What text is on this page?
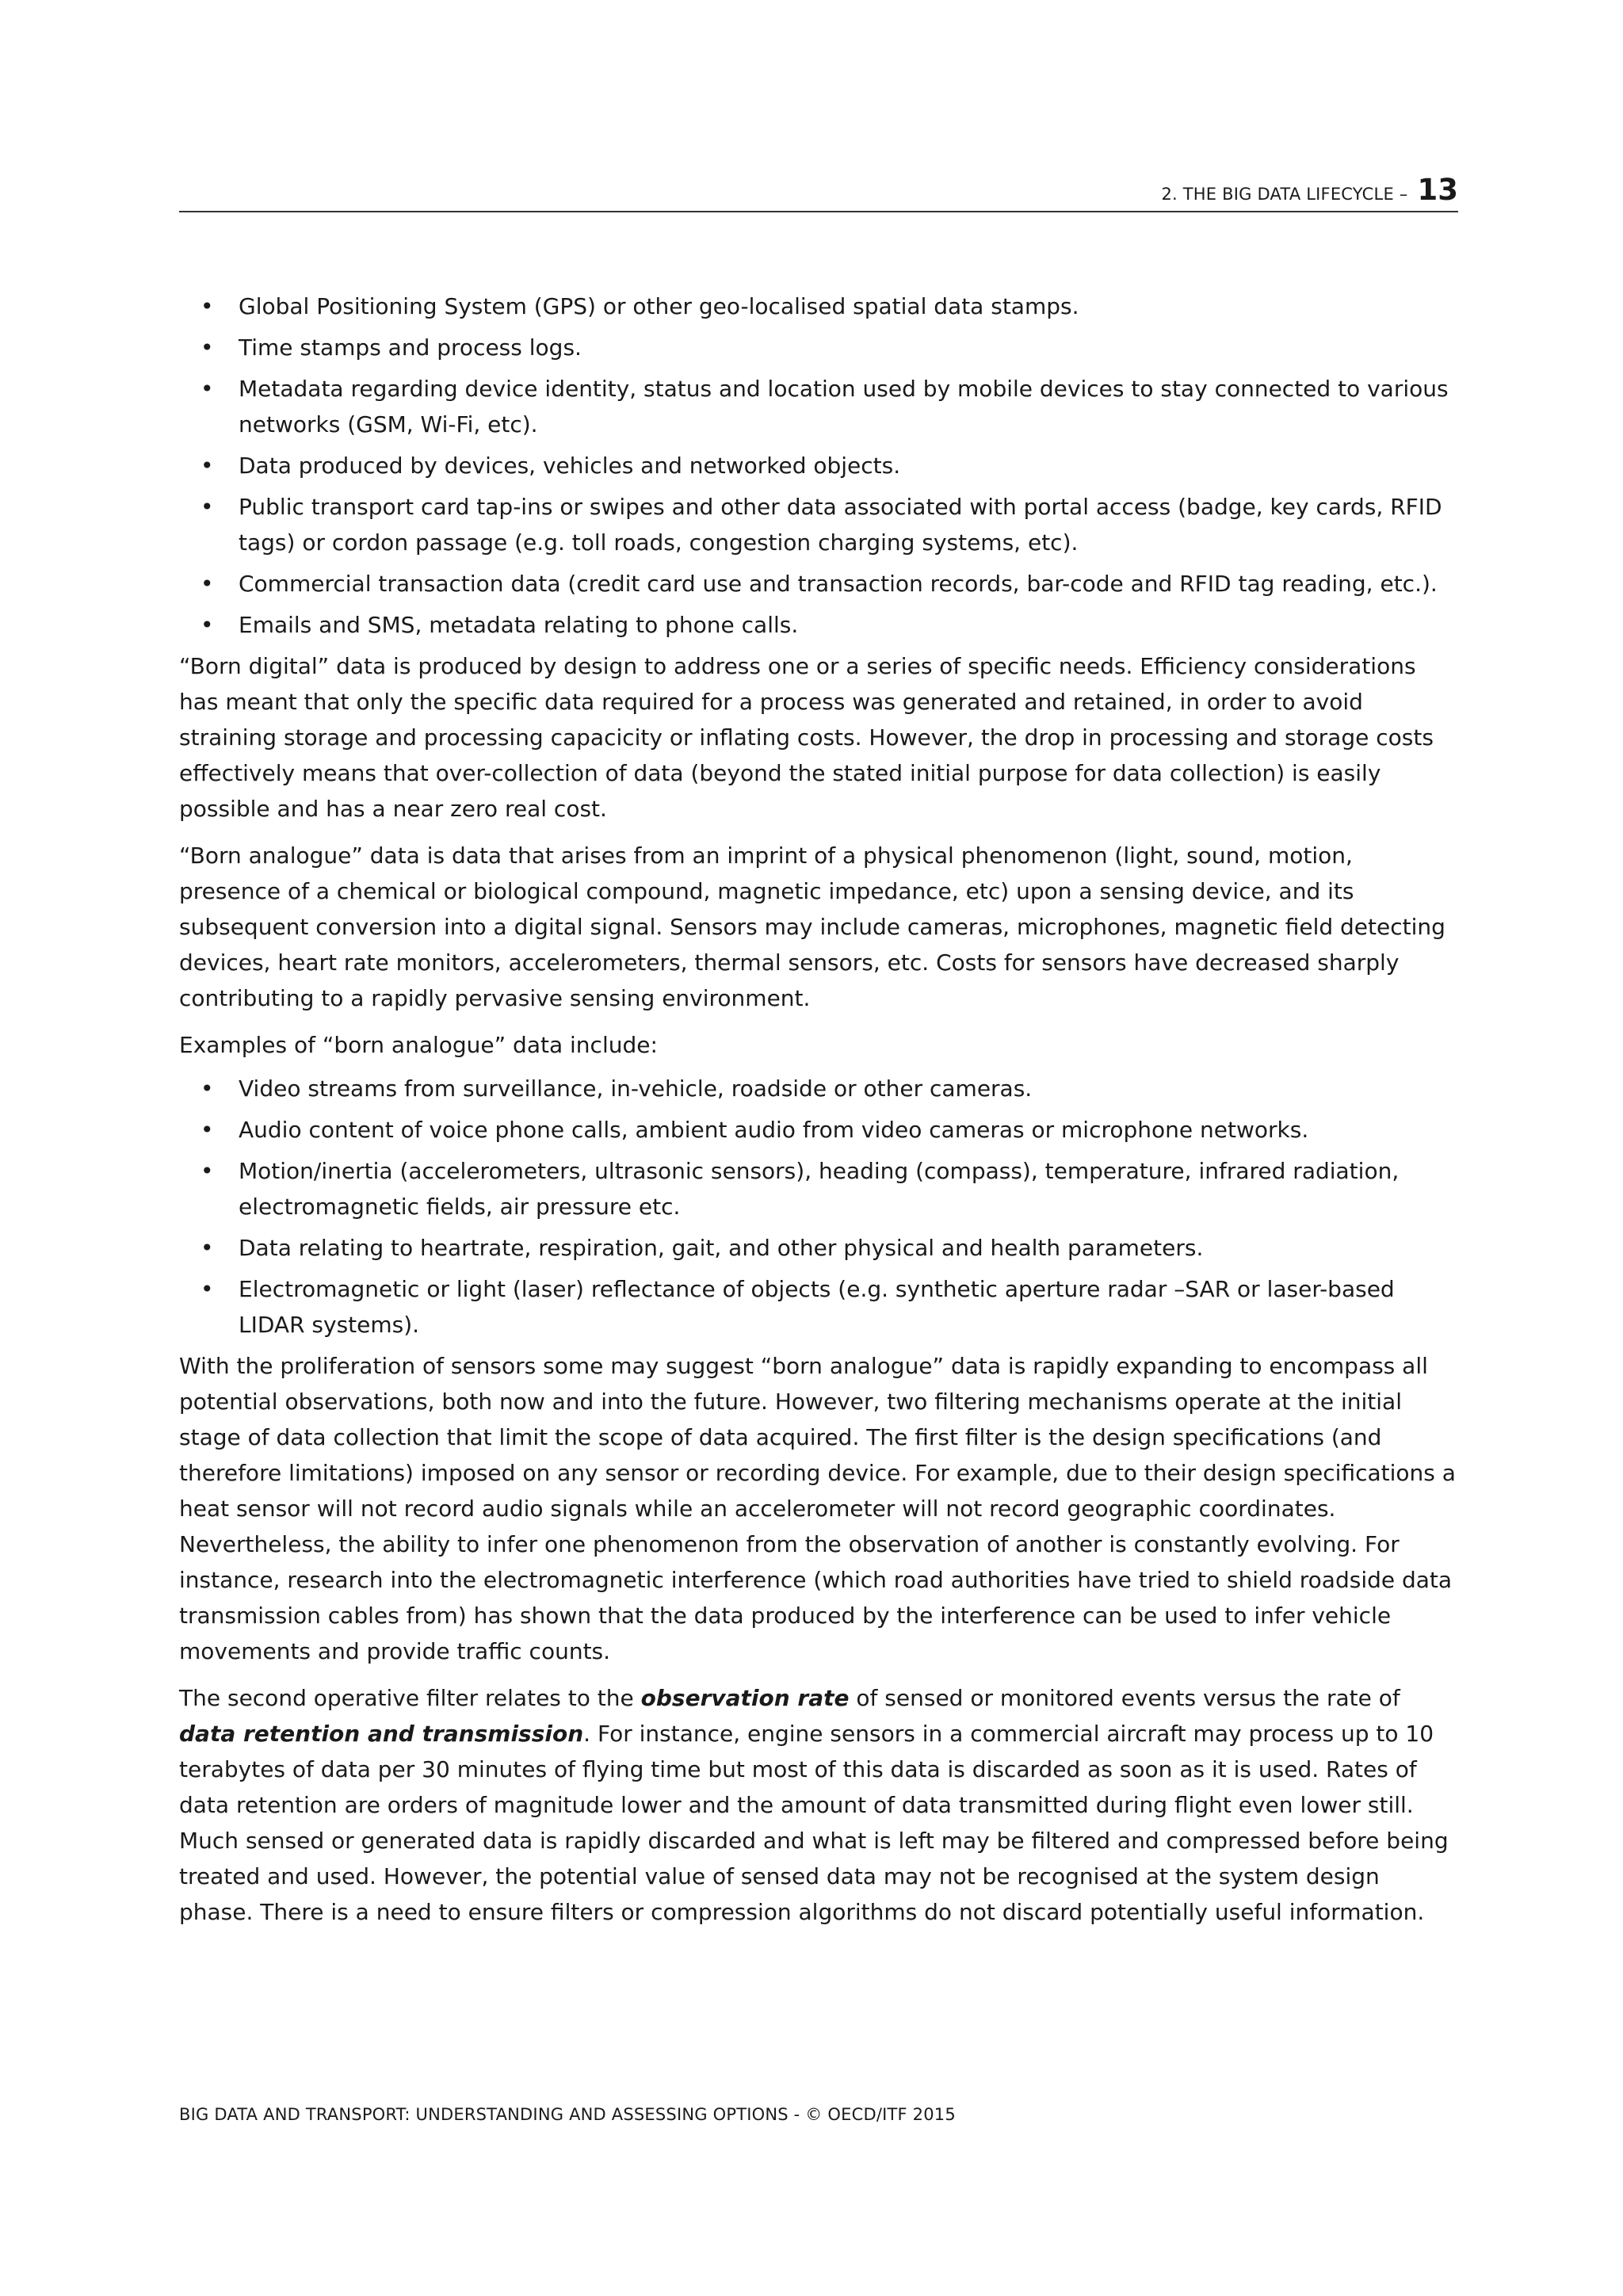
2. THE BIG DATA LIFECYCLE – 13
• Global Positioning System (GPS) or other geo-localised spatial data stamps.
• Time stamps and process logs.
• Metadata regarding device identity, status and location used by mobile devices to stay connected to various networks (GSM, Wi-Fi, etc).
• Data produced by devices, vehicles and networked objects.
• Public transport card tap-ins or swipes and other data associated with portal access (badge, key cards, RFID tags) or cordon passage (e.g. toll roads, congestion charging systems, etc).
• Commercial transaction data (credit card use and transaction records, bar-code and RFID tag reading, etc.).
• Emails and SMS, metadata relating to phone calls.

“Born digital” data is produced by design to address one or a series of specific needs. Efficiency considerations has meant that only the specific data required for a process was generated and retained, in order to avoid straining storage and processing capacicity or inflating costs. However, the drop in processing and storage costs effectively means that over-collection of data (beyond the stated initial purpose for data collection) is easily possible and has a near zero real cost.

“Born analogue” data is data that arises from an imprint of a physical phenomenon (light, sound, motion, presence of a chemical or biological compound, magnetic impedance, etc) upon a sensing device, and its subsequent conversion into a digital signal. Sensors may include cameras, microphones, magnetic field detecting devices, heart rate monitors, accelerometers, thermal sensors, etc. Costs for sensors have decreased sharply contributing to a rapidly pervasive sensing environment.

Examples of “born analogue” data include:

• Video streams from surveillance, in-vehicle, roadside or other cameras.
• Audio content of voice phone calls, ambient audio from video cameras or microphone networks.
• Motion/inertia (accelerometers, ultrasonic sensors), heading (compass), temperature, infrared radiation, electromagnetic fields, air pressure etc.
• Data relating to heartrate, respiration, gait, and other physical and health parameters.
• Electromagnetic or light (laser) reflectance of objects (e.g. synthetic aperture radar –SAR or laser-based LIDAR systems).

With the proliferation of sensors some may suggest “born analogue” data is rapidly expanding to encompass all potential observations, both now and into the future. However, two filtering mechanisms operate at the initial stage of data collection that limit the scope of data acquired. The first filter is the design specifications (and therefore limitations) imposed on any sensor or recording device. For example, due to their design specifications a heat sensor will not record audio signals while an accelerometer will not record geographic coordinates. Nevertheless, the ability to infer one phenomenon from the observation of another is constantly evolving. For instance, research into the electromagnetic interference (which road authorities have tried to shield roadside data transmission cables from) has shown that the data produced by the interference can be used to infer vehicle movements and provide traffic counts.

The second operative filter relates to the observation rate of sensed or monitored events versus the rate of data retention and transmission. For instance, engine sensors in a commercial aircraft may process up to 10 terabytes of data per 30 minutes of flying time but most of this data is discarded as soon as it is used. Rates of data retention are orders of magnitude lower and the amount of data transmitted during flight even lower still. Much sensed or generated data is rapidly discarded and what is left may be filtered and compressed before being treated and used. However, the potential value of sensed data may not be recognised at the system design phase. There is a need to ensure filters or compression algorithms do not discard potentially useful information.

BIG DATA AND TRANSPORT: UNDERSTANDING AND ASSESSING OPTIONS - © OECD/ITF 2015
